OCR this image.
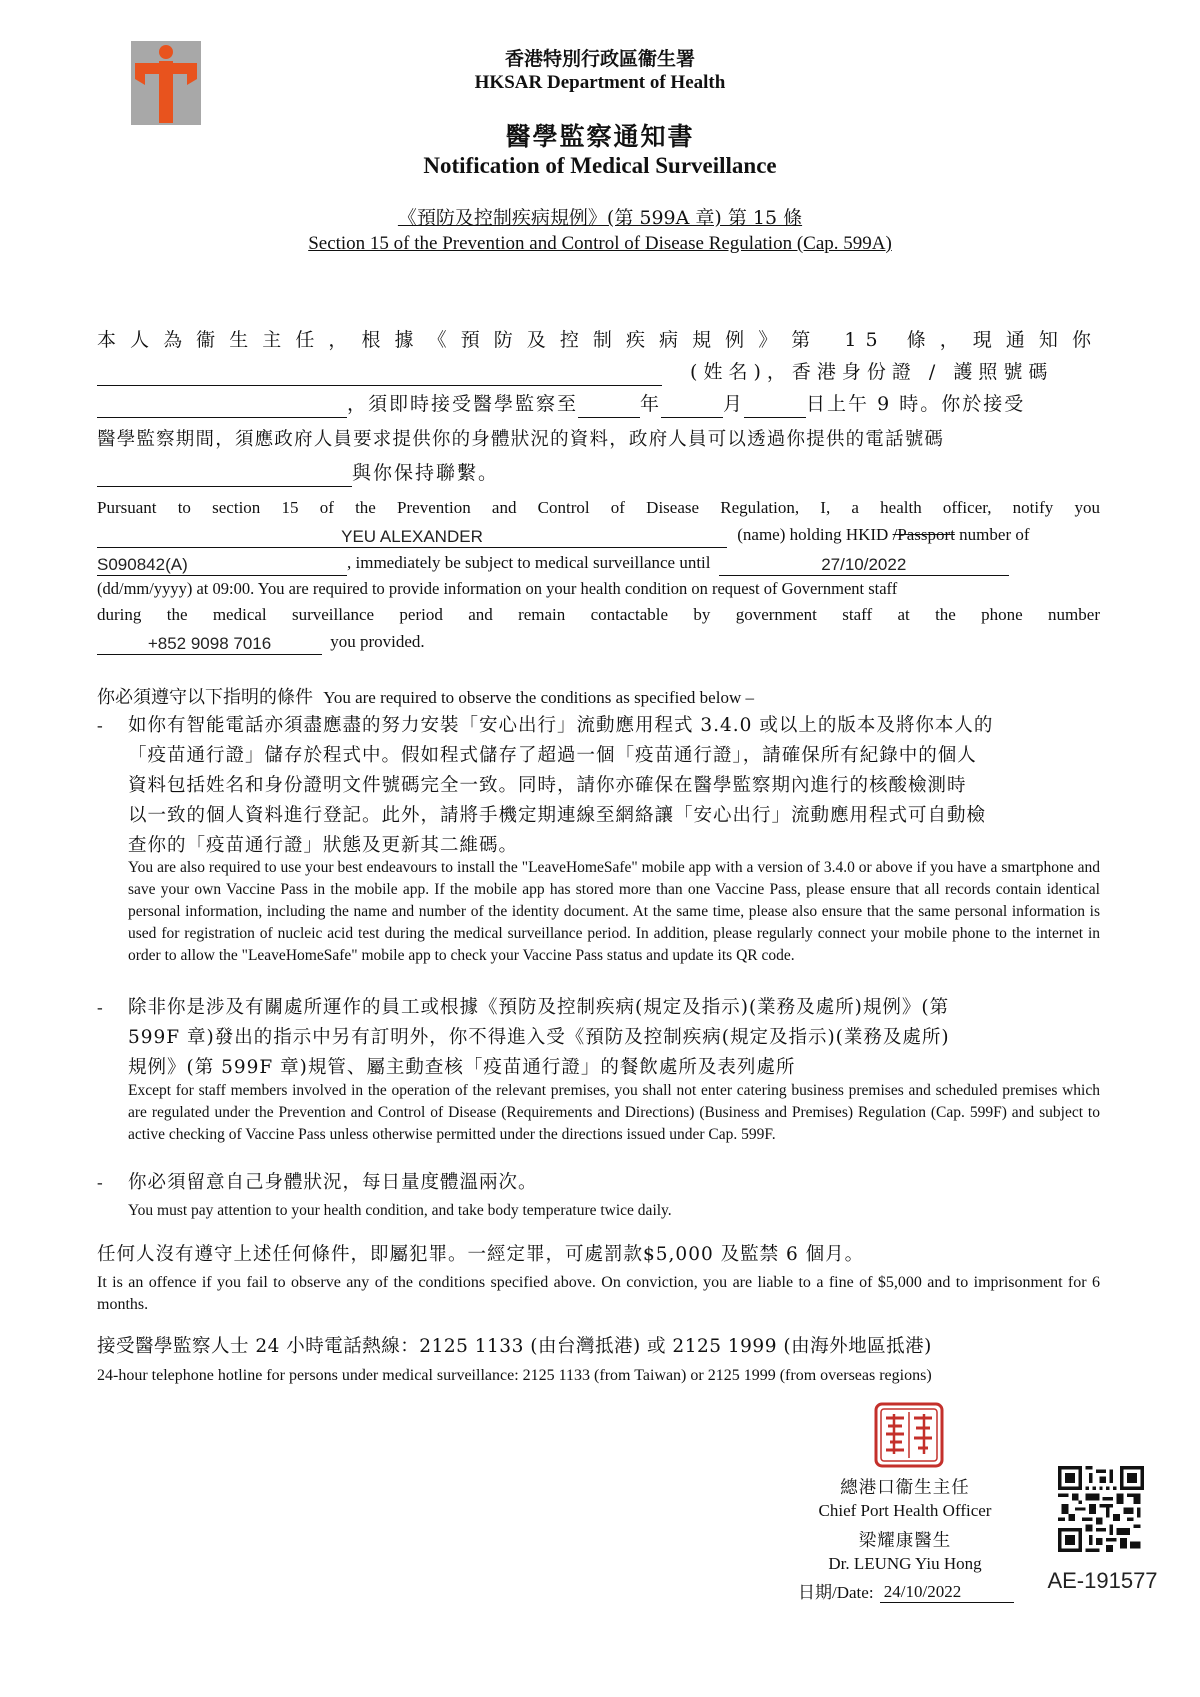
香港特別行政區衞生署
HKSAR Department of Health
醫學監察通知書
Notification of Medical Surveillance
《預防及控制疾病規例》(第 599A 章) 第 15 條
Section 15 of the Prevention and Control of Disease Regulation (Cap. 599A)
本人為衞生主任，根據《預防及控制疾病規例》第 15 條，現通知你
(姓名)，香港身份證 / 護照號碼
，須即時接受醫學監察至	年	月	日上午 9 時。你於接受
醫學監察期間，須應政府人員要求提供你的身體狀況的資料，政府人員可以透過你提供的電話號碼
與你保持聯繫。
Pursuant to section 15 of the Prevention and Control of Disease Regulation, I, a health officer, notify you
YEU ALEXANDER	(name) holding HKID /Passport number of
S090842(A)	, immediately be subject to medical surveillance until	27/10/2022
(dd/mm/yyyy) at 09:00. You are required to provide information on your health condition on request of Government staff
during the medical surveillance period and remain contactable by government staff at the phone number
+852 9098 7016	you provided.
你必須遵守以下指明的條件 You are required to observe the conditions as specified below –
-	如你有智能電話亦須盡應盡的努力安裝「安心出行」流動應用程式 3.4.0 或以上的版本及將你本人的
「疫苗通行證」儲存於程式中。假如程式儲存了超過一個「疫苗通行證」，請確保所有紀錄中的個人
資料包括姓名和身份證明文件號碼完全一致。同時，請你亦確保在醫學監察期內進行的核酸檢測時
以一致的個人資料進行登記。此外，請將手機定期連線至網絡讓「安心出行」流動應用程式可自動檢
查你的「疫苗通行證」狀態及更新其二維碼。
You are also required to use your best endeavours to install the "LeaveHomeSafe" mobile app with a version of 3.4.0 or above if you have a smartphone and save your own Vaccine Pass in the mobile app. If the mobile app has stored more than one Vaccine Pass, please ensure that all records contain identical personal information, including the name and number of the identity document. At the same time, please also ensure that the same personal information is used for registration of nucleic acid test during the medical surveillance period. In addition, please regularly connect your mobile phone to the internet in order to allow the "LeaveHomeSafe" mobile app to check your Vaccine Pass status and update its QR code.
-	除非你是涉及有關處所運作的員工或根據《預防及控制疾病(規定及指示)(業務及處所)規例》(第
599F 章)發出的指示中另有訂明外，你不得進入受《預防及控制疾病(規定及指示)(業務及處所)
規例》(第 599F 章)規管、屬主動查核「疫苗通行證」的餐飲處所及表列處所
Except for staff members involved in the operation of the relevant premises, you shall not enter catering business premises and scheduled premises which are regulated under the Prevention and Control of Disease (Requirements and Directions) (Business and Premises) Regulation (Cap. 599F) and subject to active checking of Vaccine Pass unless otherwise permitted under the directions issued under Cap. 599F.
-	你必須留意自己身體狀況，每日量度體溫兩次。
You must pay attention to your health condition, and take body temperature twice daily.
任何人沒有遵守上述任何條件，即屬犯罪。一經定罪，可處罰款$5,000 及監禁 6 個月。
It is an offence if you fail to observe any of the conditions specified above. On conviction, you are liable to a fine of $5,000 and to imprisonment for 6 months.
接受醫學監察人士 24 小時電話熱線：2125 1133 (由台灣抵港) 或 2125 1999 (由海外地區抵港)
24-hour telephone hotline for persons under medical surveillance: 2125 1133 (from Taiwan) or 2125 1999 (from overseas regions)
總港口衞生主任
Chief Port Health Officer
梁耀康醫生
Dr. LEUNG Yiu Hong
日期/Date: 24/10/2022	AE-191577
